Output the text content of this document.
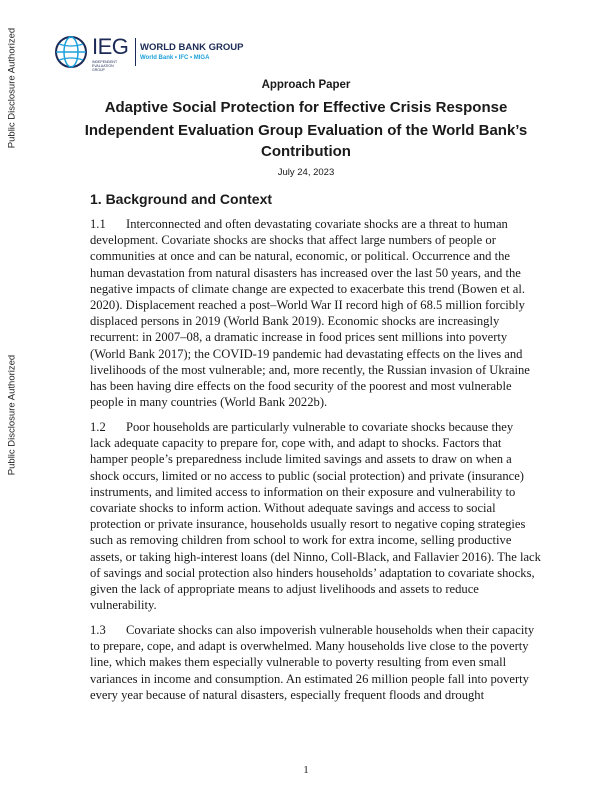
Public Disclosure Authorized
Public Disclosure Authorized
IEG
INDEPENDENT EVALUATION GROUP
WORLD BANK GROUP
World Bank • IFC • MIGA
Approach Paper
Adaptive Social Protection for Effective Crisis Response
Independent Evaluation Group Evaluation of the World Bank’s
Contribution
July 24, 2023
1. Background and Context
1.1 Interconnected and often devastating covariate shocks are a threat to human
development. Covariate shocks are shocks that affect large numbers of people or
communities at once and can be natural, economic, or political. Occurrence and the
human devastation from natural disasters has increased over the last 50 years, and the
negative impacts of climate change are expected to exacerbate this trend (Bowen et al.
2020). Displacement reached a post–World War II record high of 68.5 million forcibly
displaced persons in 2019 (World Bank 2019). Economic shocks are increasingly
recurrent: in 2007–08, a dramatic increase in food prices sent millions into poverty
(World Bank 2017); the COVID-19 pandemic had devastating effects on the lives and
livelihoods of the most vulnerable; and, more recently, the Russian invasion of Ukraine
has been having dire effects on the food security of the poorest and most vulnerable
people in many countries (World Bank 2022b).
1.2 Poor households are particularly vulnerable to covariate shocks because they
lack adequate capacity to prepare for, cope with, and adapt to shocks. Factors that
hamper people’s preparedness include limited savings and assets to draw on when a
shock occurs, limited or no access to public (social protection) and private (insurance)
instruments, and limited access to information on their exposure and vulnerability to
covariate shocks to inform action. Without adequate savings and access to social
protection or private insurance, households usually resort to negative coping strategies
such as removing children from school to work for extra income, selling productive
assets, or taking high-interest loans (del Ninno, Coll-Black, and Fallavier 2016). The lack
of savings and social protection also hinders households’ adaptation to covariate shocks,
given the lack of appropriate means to adjust livelihoods and assets to reduce
vulnerability.
1.3 Covariate shocks can also impoverish vulnerable households when their capacity
to prepare, cope, and adapt is overwhelmed. Many households live close to the poverty
line, which makes them especially vulnerable to poverty resulting from even small
variances in income and consumption. An estimated 26 million people fall into poverty
every year because of natural disasters, especially frequent floods and drought
1
